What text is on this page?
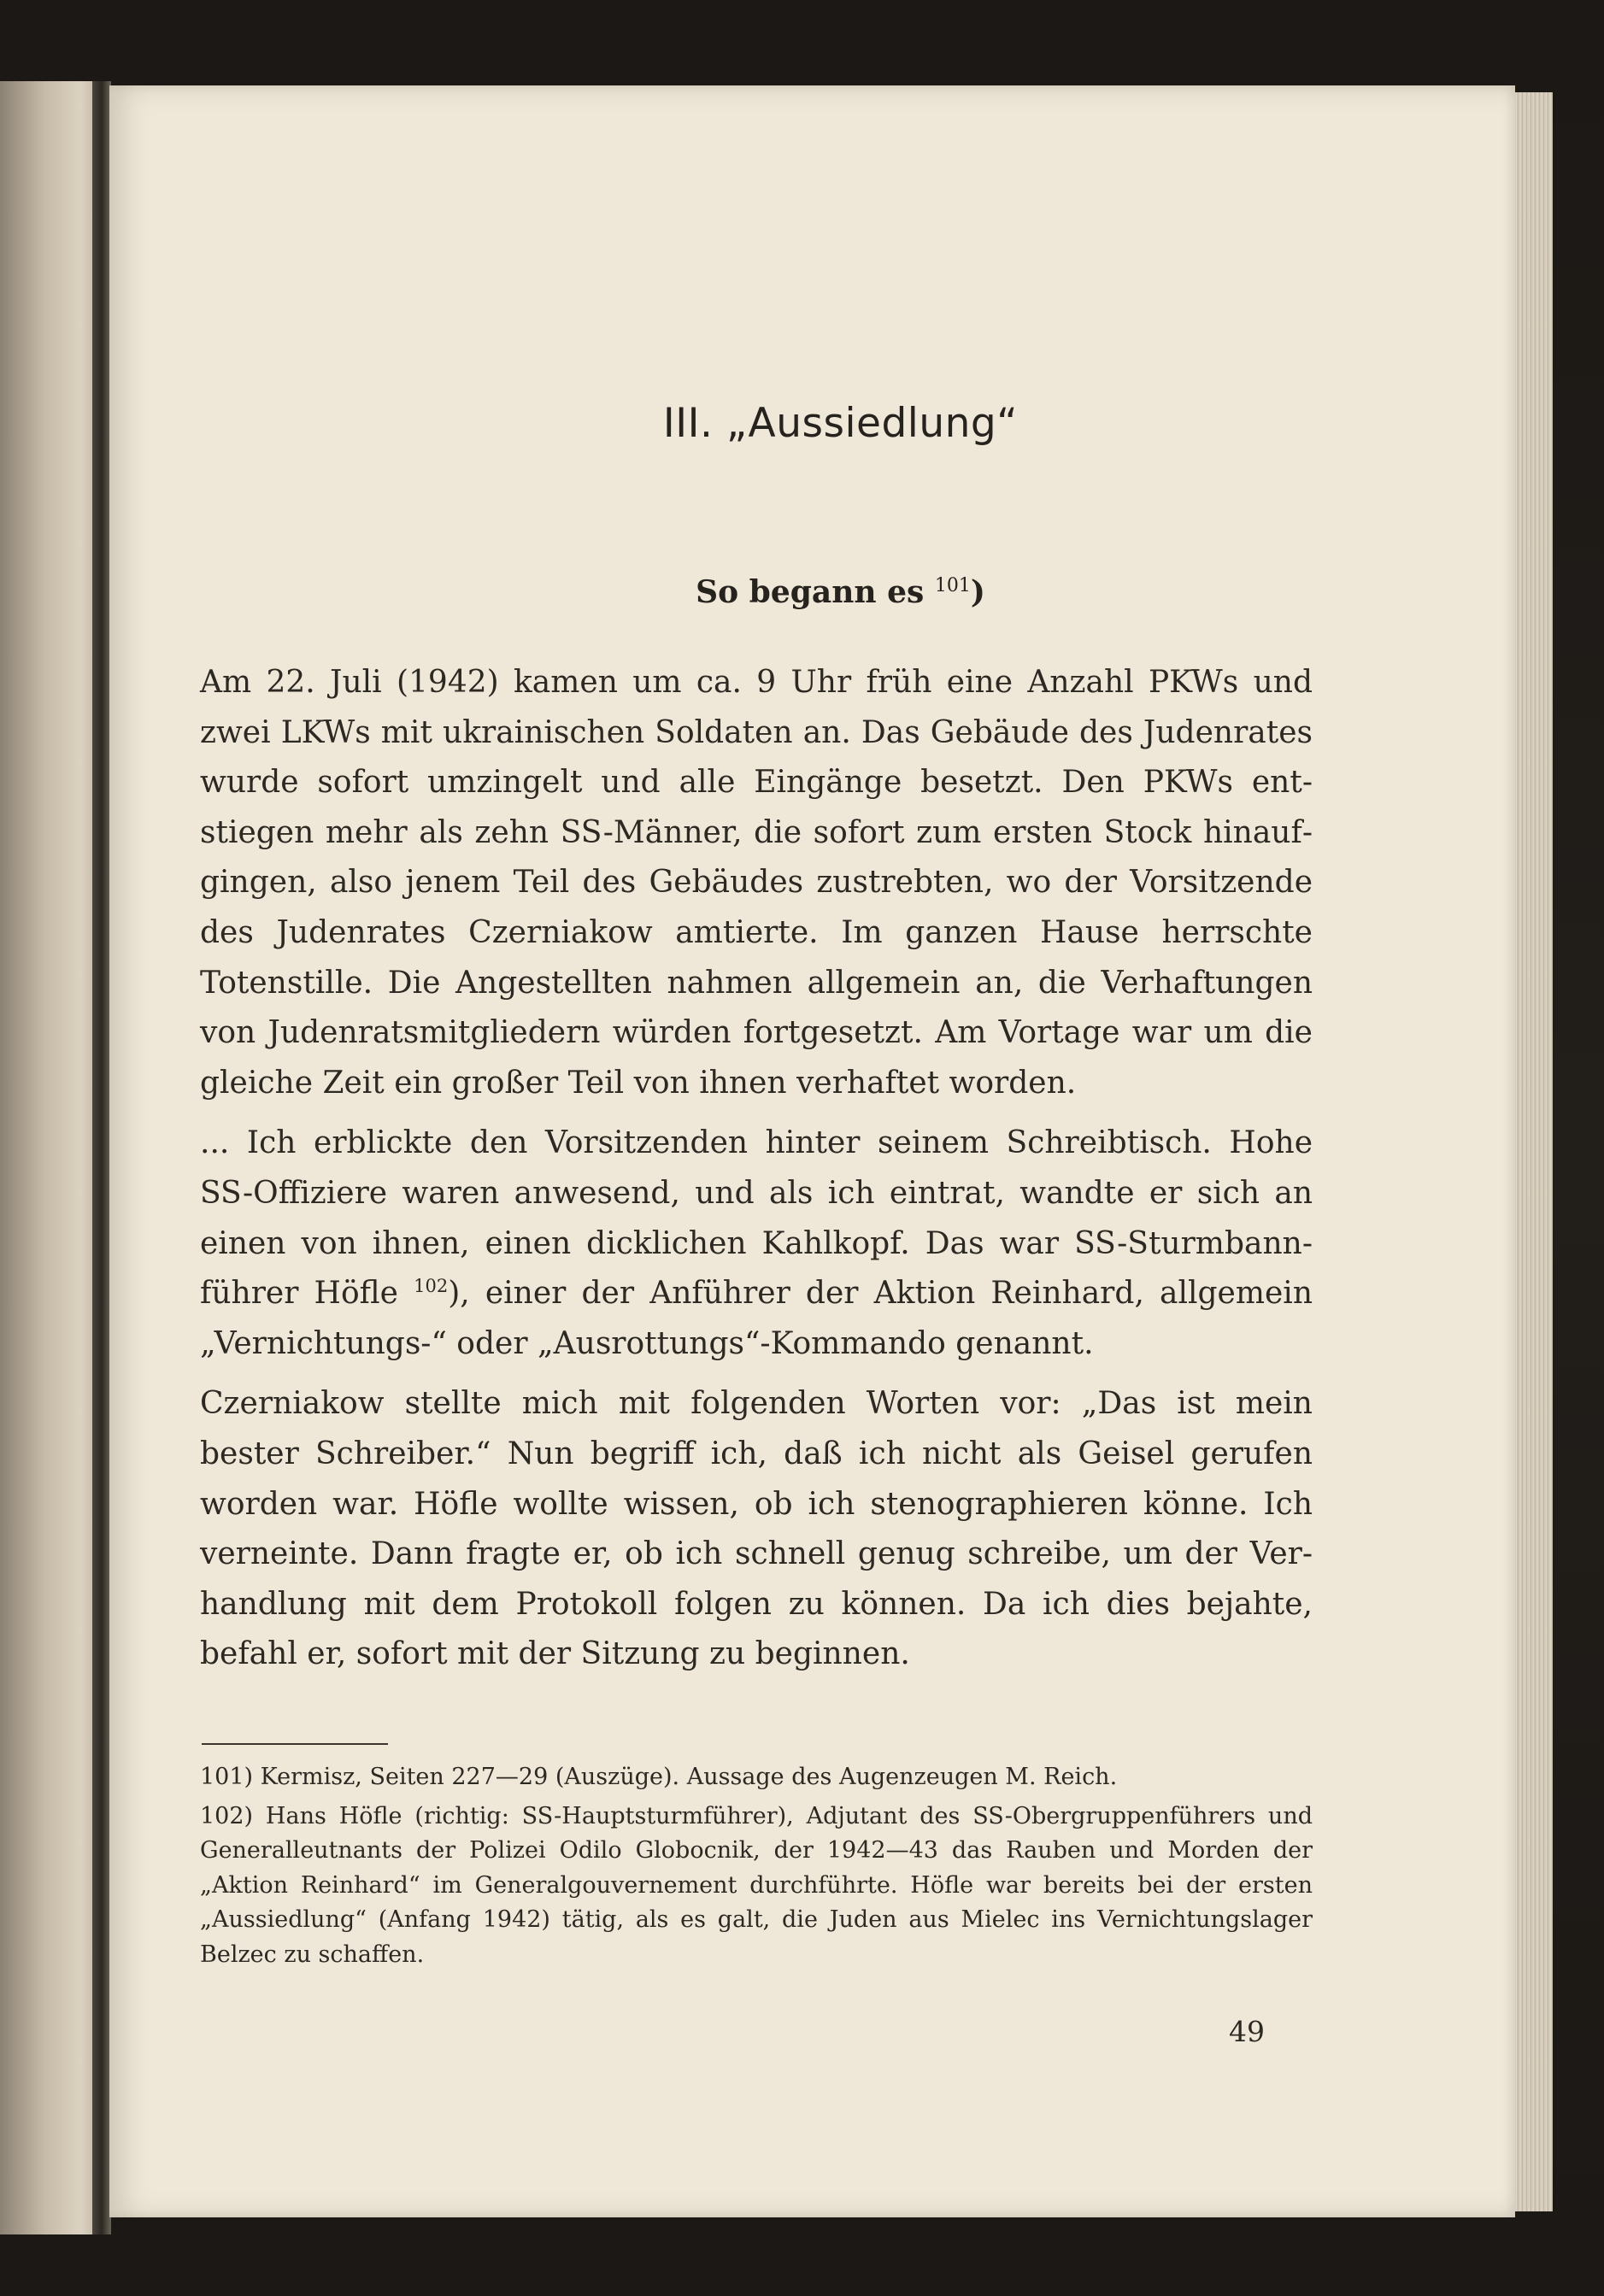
III. „Aussiedlung“
So begann es $^{101}$)

Am 22. Juli (1942) kamen um ca. 9 Uhr früh eine Anzahl PKWs und zwei LKWs mit ukrainischen Soldaten an. Das Gebäude des Judenrates wurde sofort umzingelt und alle Eingänge besetzt. Den PKWs entstiegen mehr als zehn SS-Männer, die sofort zum ersten Stock hinaufgingen, also jenem Teil des Gebäudes zustrebten, wo der Vorsitzende des Judenrates Czerniakow amtierte. Im ganzen Hause herrschte Totenstille. Die Angestellten nahmen allgemein an, die Verhaftungen von Judenratsmitgliedern würden fortgesetzt. Am Vortage war um die gleiche Zeit ein großer Teil von ihnen verhaftet worden.

... Ich erblickte den Vorsitzenden hinter seinem Schreibtisch. Hohe SS-Offiziere waren anwesend, und als ich eintrat, wandte er sich an einen von ihnen, einen dicklichen Kahlkopf. Das war SS-Sturmbannführer Höfle $^{102}$), einer der Anführer der Aktion Reinhard, allgemein „Vernichtungs-“ oder „Ausrottungs“-Kommando genannt.

Czerniakow stellte mich mit folgenden Worten vor: „Das ist mein bester Schreiber.“ Nun begriff ich, daß ich nicht als Geisel gerufen worden war. Höfle wollte wissen, ob ich stenographieren könne. Ich verneinte. Dann fragte er, ob ich schnell genug schreibe, um der Verhandlung mit dem Protokoll folgen zu können. Da ich dies bejahte, befahl er, sofort mit der Sitzung zu beginnen.

101) Kermisz, Seiten 227—29 (Auszüge). Aussage des Augenzeugen M. Reich.

102) Hans Höfle (richtig: SS-Hauptsturmführer), Adjutant des SS-Obergruppenführers und Generalleutnants der Polizei Odilo Globocnik, der 1942—43 das Rauben und Morden der „Aktion Reinhard“ im Generalgouvernement durchführte. Höfle war bereits bei der ersten „Aussiedlung“ (Anfang 1942) tätig, als es galt, die Juden aus Mielec ins Vernichtungslager Belzec zu schaffen.

49
